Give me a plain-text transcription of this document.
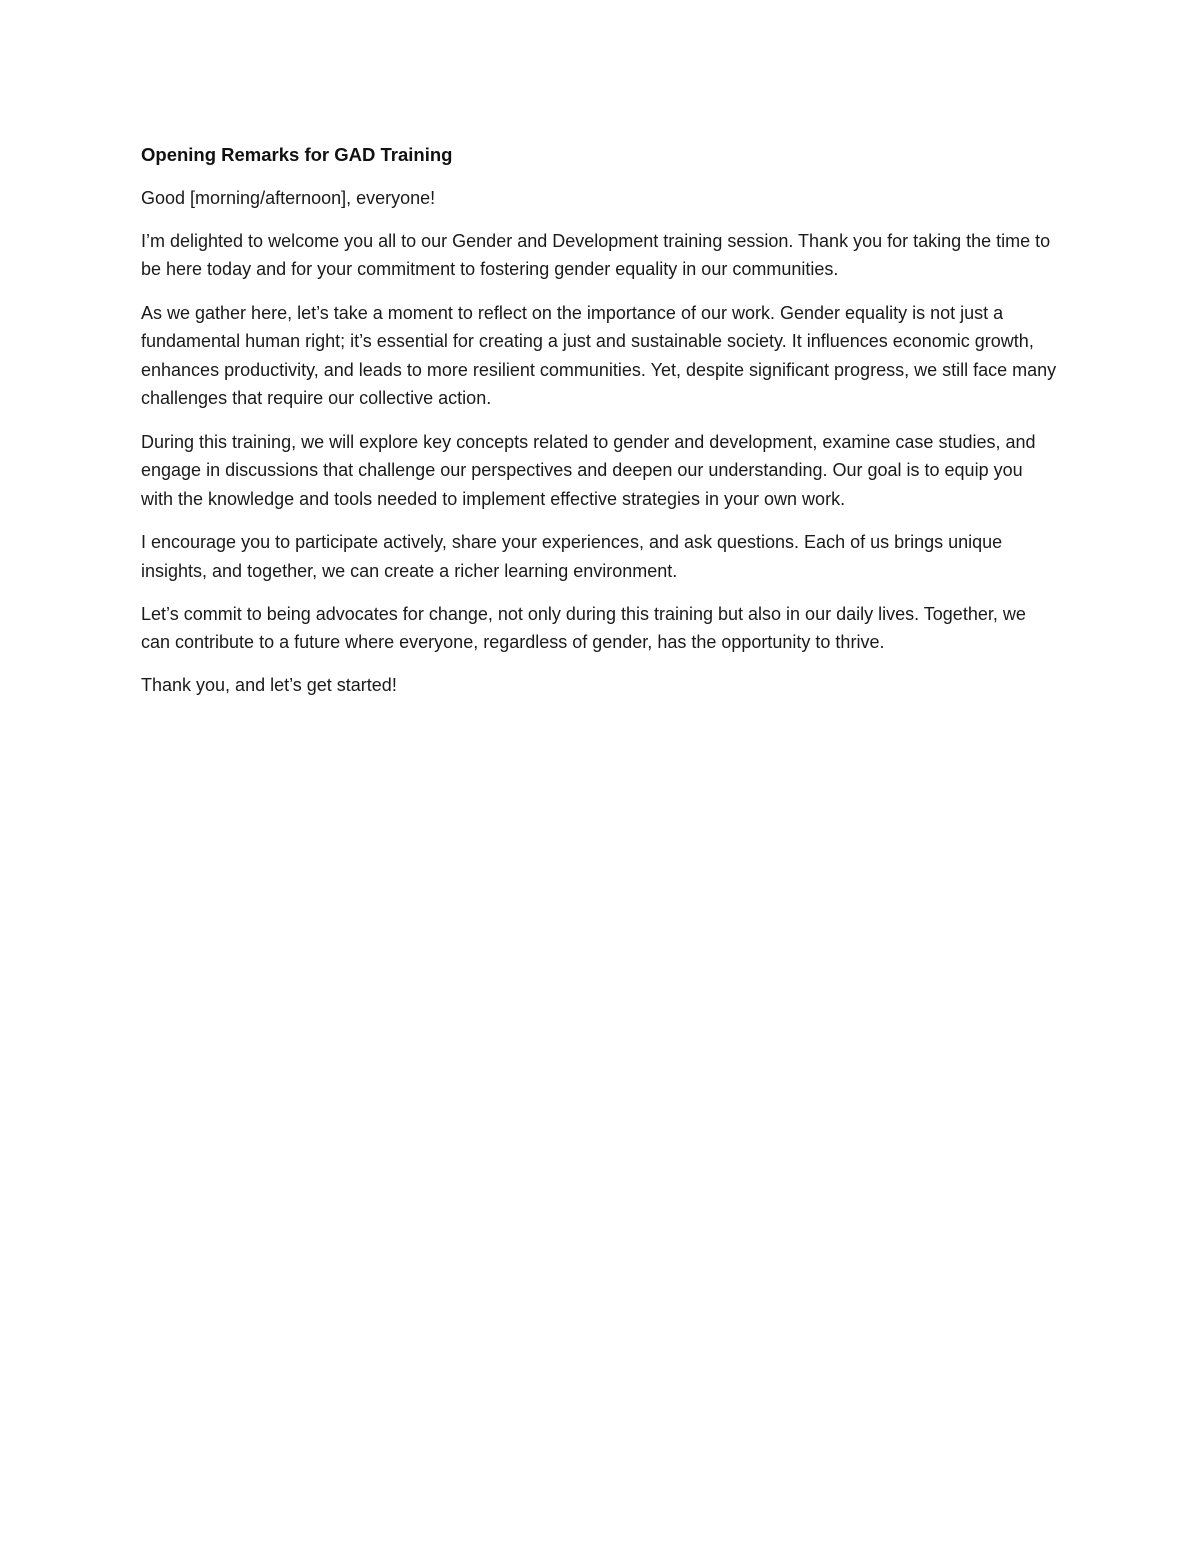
Opening Remarks for GAD Training

Good [morning/afternoon], everyone!

I’m delighted to welcome you all to our Gender and Development training session. Thank you for taking the time to be here today and for your commitment to fostering gender equality in our communities.

As we gather here, let’s take a moment to reflect on the importance of our work. Gender equality is not just a fundamental human right; it’s essential for creating a just and sustainable society. It influences economic growth, enhances productivity, and leads to more resilient communities. Yet, despite significant progress, we still face many challenges that require our collective action.

During this training, we will explore key concepts related to gender and development, examine case studies, and engage in discussions that challenge our perspectives and deepen our understanding. Our goal is to equip you with the knowledge and tools needed to implement effective strategies in your own work.

I encourage you to participate actively, share your experiences, and ask questions. Each of us brings unique insights, and together, we can create a richer learning environment.

Let’s commit to being advocates for change, not only during this training but also in our daily lives. Together, we can contribute to a future where everyone, regardless of gender, has the opportunity to thrive.

Thank you, and let’s get started!
